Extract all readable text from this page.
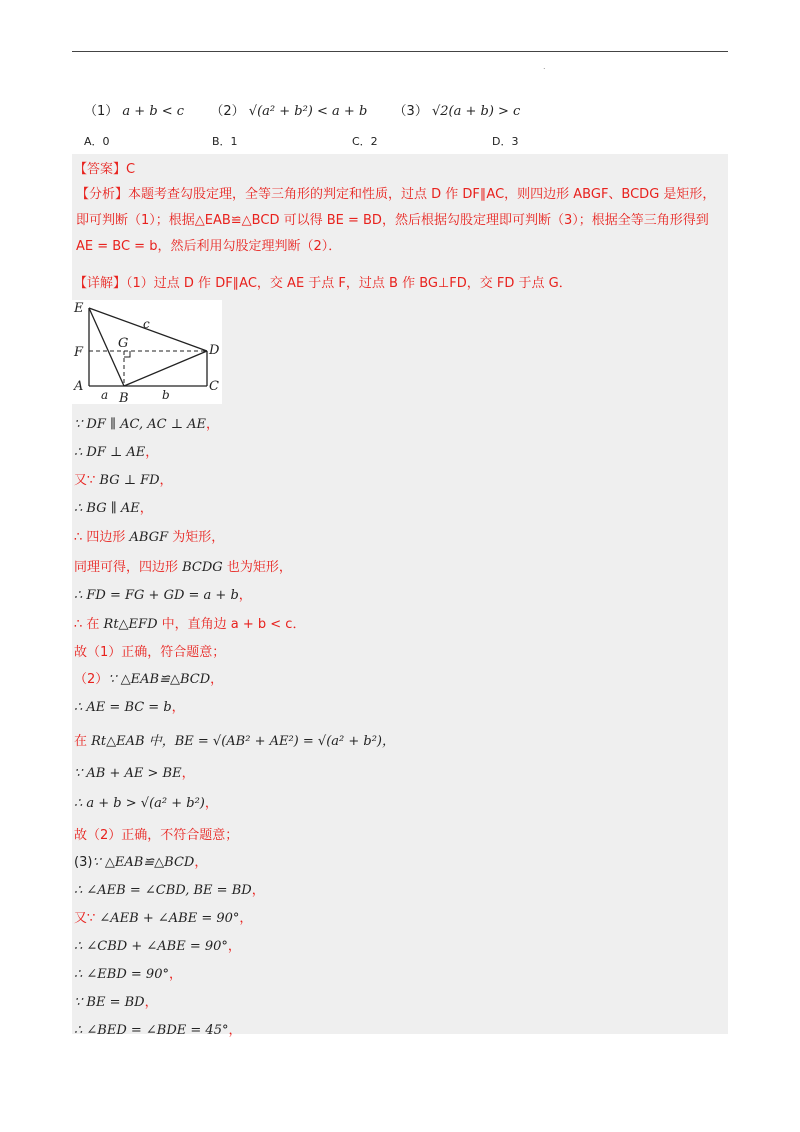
.
（1） a + b < c （2） √(a² + b²) < a + b （3） √2(a + b) > c
A．0	B．1	C．2	D．3
【答案】C
【分析】本题考查勾股定理，全等三角形的判定和性质，过点 D 作 DF∥AC，则四边形 ABGF、BCDG 是矩形，即可判断（1）；根据△EAB≌△BCD 可以得 BE = BD，然后根据勾股定理即可判断（3）；根据全等三角形得到 AE = BC = b，然后利用勾股定理判断（2）．
【详解】（1）过点 D 作 DF∥AC，交 AE 于点 F，过点 B 作 BG⊥FD，交 FD 于点 G．
E
F
A
G
B
D
C
c
a	b
∵ DF ∥ AC, AC ⊥ AE，
∴ DF ⊥ AE，
又∵ BG ⊥ FD，
∴ BG ∥ AE，
∴ 四边形 ABGF 为矩形，
同理可得，四边形 BCDG 也为矩形，
∴ FD = FG + GD = a + b，
∴ 在 Rt△EFD 中，直角边 a + b < c．
故（1）正确，符合题意；
（2）∵ △EAB≌△BCD，
∴ AE = BC = b，
在 Rt△EAB 中，BE = √(AB² + AE²) = √(a² + b²)，
∵ AB + AE > BE，
∴ a + b > √(a² + b²)，
故（2）正确，不符合题意；
(3)∵ △EAB≌△BCD，
∴ ∠AEB = ∠CBD, BE = BD，
又∵ ∠AEB + ∠ABE = 90°，
∴ ∠CBD + ∠ABE = 90°，
∴ ∠EBD = 90°，
∵ BE = BD，
∴ ∠BED = ∠BDE = 45°，
